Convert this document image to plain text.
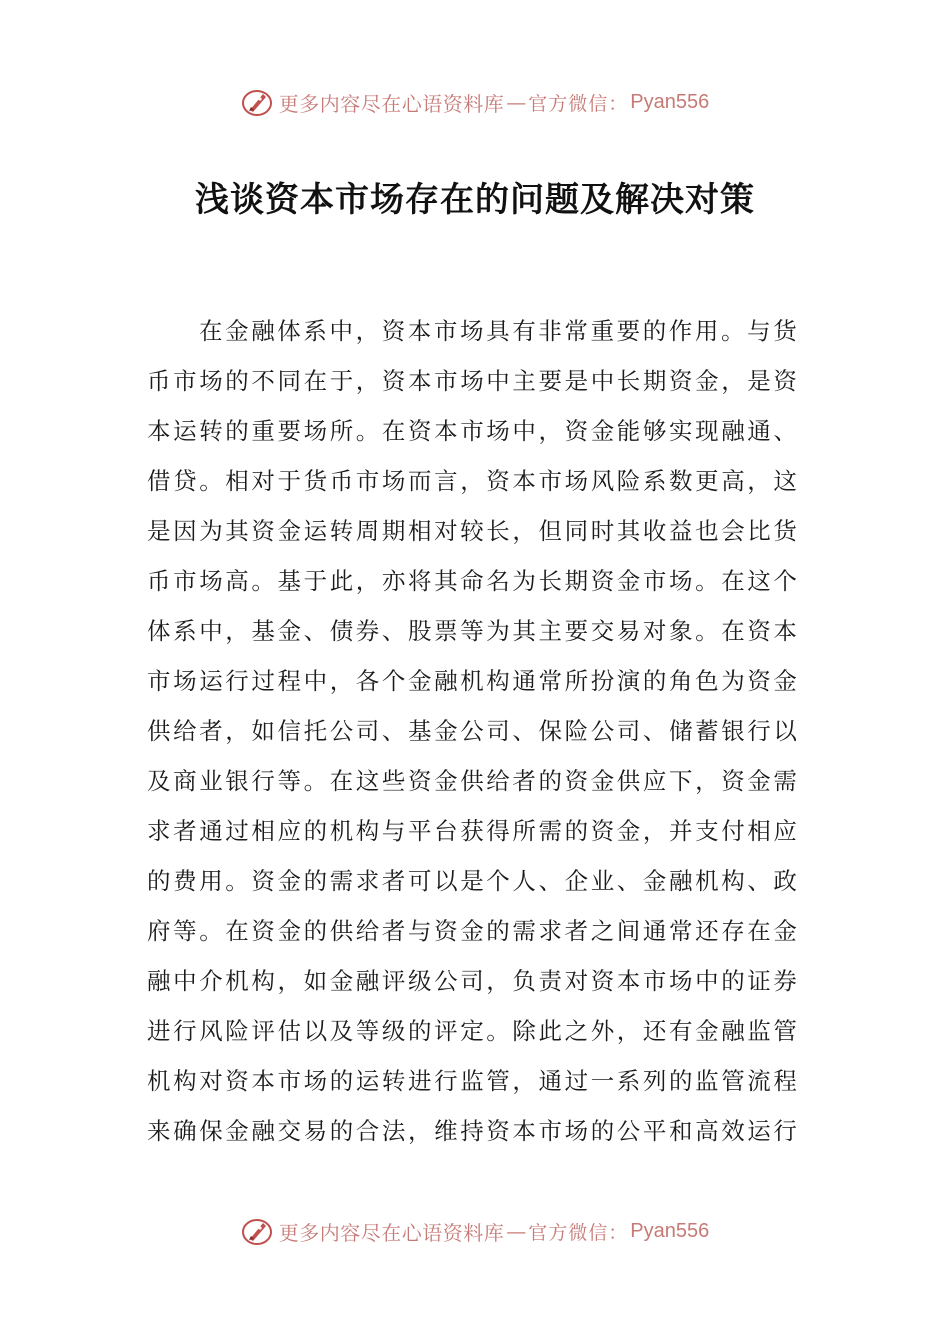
更多内容尽在心语资料库 — 官方微信： Pyan556
浅谈资本市场存在的问题及解决对策
在金融体系中，资本市场具有非常重要的作用。与货
币市场的不同在于，资本市场中主要是中长期资金，是资
本运转的重要场所。在资本市场中，资金能够实现融通、
借贷。相对于货币市场而言，资本市场风险系数更高，这
是因为其资金运转周期相对较长，但同时其收益也会比货
币市场高。基于此，亦将其命名为长期资金市场。在这个
体系中，基金、债券、股票等为其主要交易对象。在资本
市场运行过程中，各个金融机构通常所扮演的角色为资金
供给者，如信托公司、基金公司、保险公司、储蓄银行以
及商业银行等。在这些资金供给者的资金供应下，资金需
求者通过相应的机构与平台获得所需的资金，并支付相应
的费用。资金的需求者可以是个人、企业、金融机构、政
府等。在资金的供给者与资金的需求者之间通常还存在金
融中介机构，如金融评级公司，负责对资本市场中的证券
进行风险评估以及等级的评定。除此之外，还有金融监管
机构对资本市场的运转进行监管，通过一系列的监管流程
来确保金融交易的合法，维持资本市场的公平和高效运行
更多内容尽在心语资料库 — 官方微信： Pyan556
